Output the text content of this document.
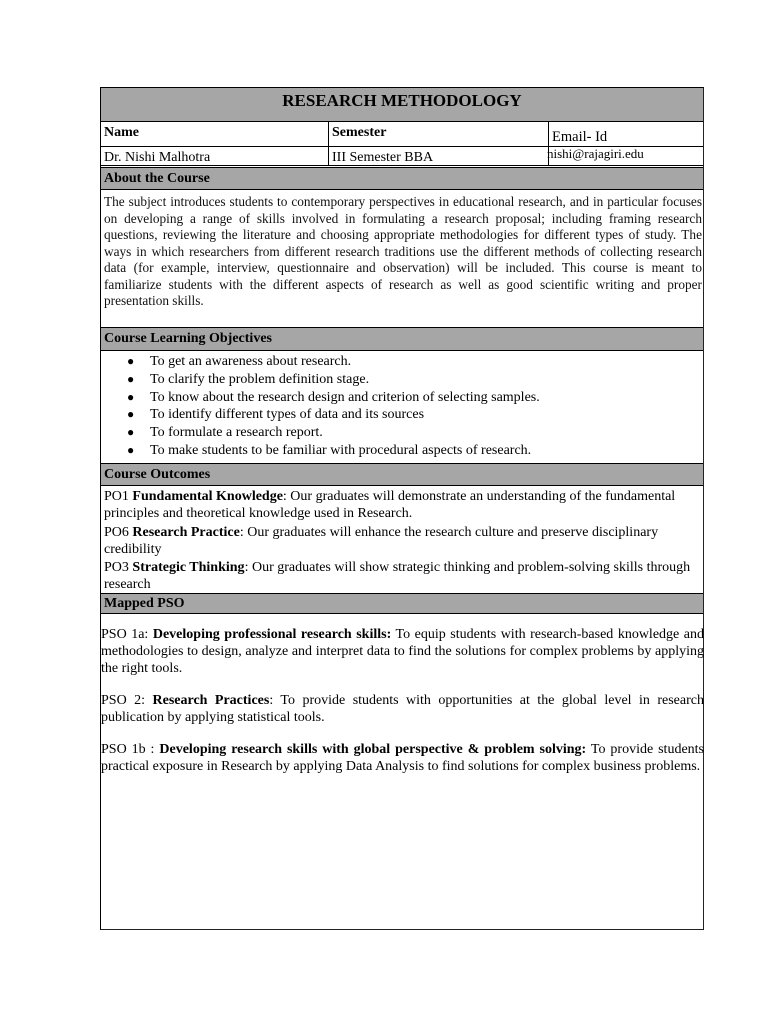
RESEARCH METHODOLOGY
Name	Semester	Email- Id
Dr. Nishi Malhotra	III Semester BBA	nishi@rajagiri.edu
About the Course
The subject introduces students to contemporary perspectives in educational research, and in particular focuses on developing a range of skills involved in formulating a research proposal; including framing research questions, reviewing the literature and choosing appropriate methodologies for different types of study. The ways in which researchers from different research traditions use the different methods of collecting research data (for example, interview, questionnaire and observation) will be included. This course is meant to familiarize students with the different aspects of research as well as good scientific writing and proper presentation skills.
Course Learning Objectives
● To get an awareness about research.
● To clarify the problem definition stage.
● To know about the research design and criterion of selecting samples.
● To identify different types of data and its sources
● To formulate a research report.
● To make students to be familiar with procedural aspects of research.
Course Outcomes

PO1 Fundamental Knowledge: Our graduates will demonstrate an understanding of the fundamental principles and theoretical knowledge used in Research.

PO6 Research Practice: Our graduates will enhance the research culture and preserve disciplinary credibility

PO3 Strategic Thinking: Our graduates will show strategic thinking and problem-solving skills through research

Mapped PSO

PSO 1a: Developing professional research skills: To equip students with research-based knowledge and methodologies to design, analyze and interpret data to find the solutions for complex problems by applying the right tools.

PSO 2: Research Practices: To provide students with opportunities at the global level in research publication by applying statistical tools.

PSO 1b : Developing research skills with global perspective & problem solving: To provide students practical exposure in Research by applying Data Analysis to find solutions for complex business problems.
